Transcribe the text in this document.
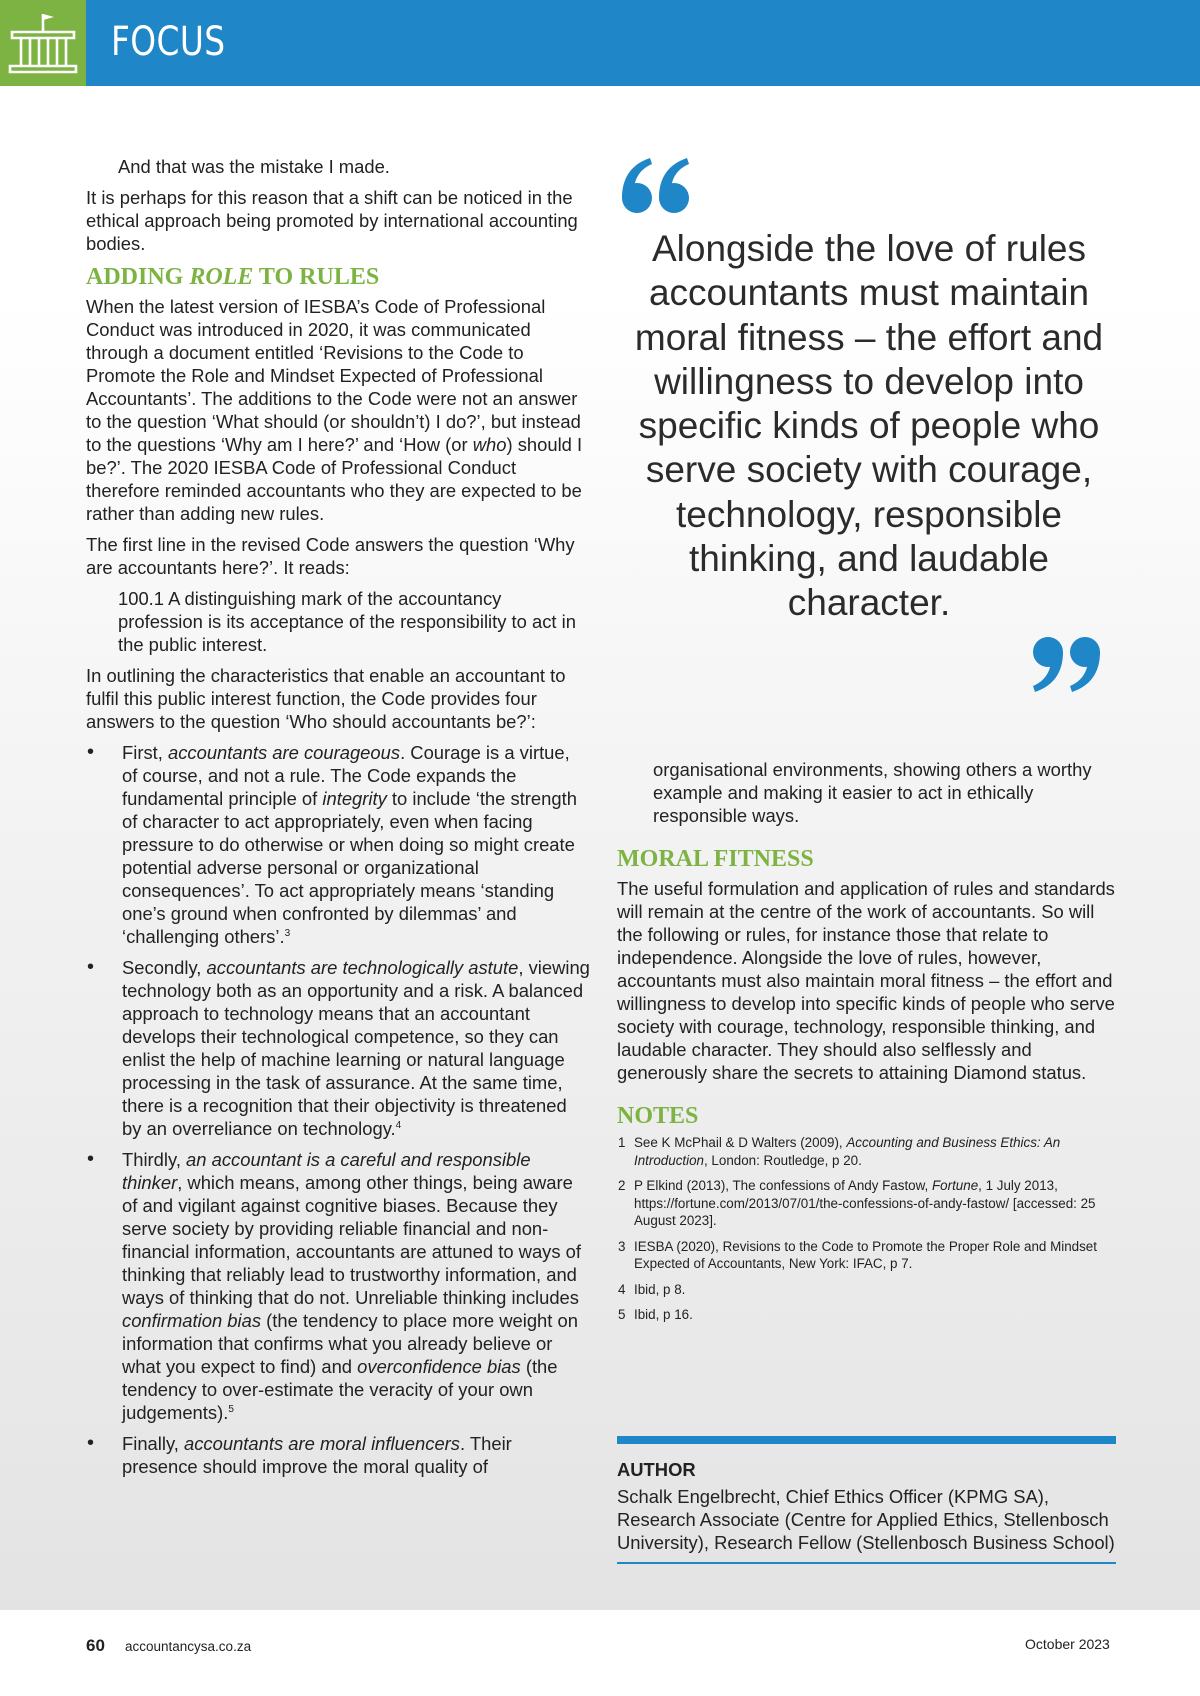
FOCUS

And that was the mistake I made.

It is perhaps for this reason that a shift can be noticed in the ethical approach being promoted by international accounting bodies.

ADDING ROLE TO RULES

When the latest version of IESBA’s Code of Professional Conduct was introduced in 2020, it was communicated through a document entitled ‘Revisions to the Code to Promote the Role and Mindset Expected of Professional Accountants’. The additions to the Code were not an answer to the question ‘What should (or shouldn’t) I do?’, but instead to the questions ‘Why am I here?’ and ‘How (or who) should I be?’. The 2020 IESBA Code of Professional Conduct therefore reminded accountants who they are expected to be rather than adding new rules.

The first line in the revised Code answers the question ‘Why are accountants here?’. It reads:

100.1 A distinguishing mark of the accountancy profession is its acceptance of the responsibility to act in the public interest.

In outlining the characteristics that enable an accountant to fulfil this public interest function, the Code provides four answers to the question ‘Who should accountants be?’:

• First, accountants are courageous. Courage is a virtue, of course, and not a rule. The Code expands the fundamental principle of integrity to include ‘the strength of character to act appropriately, even when facing pressure to do otherwise or when doing so might create potential adverse personal or organizational consequences’. To act appropriately means ‘standing one’s ground when confronted by dilemmas’ and ‘challenging others’.$^3$
• Secondly, accountants are technologically astute, viewing technology both as an opportunity and a risk. A balanced approach to technology means that an accountant develops their technological competence, so they can enlist the help of machine learning or natural language processing in the task of assurance. At the same time, there is a recognition that their objectivity is threatened by an overreliance on technology.$^4$
• Thirdly, an accountant is a careful and responsible thinker, which means, among other things, being aware of and vigilant against cognitive biases. Because they serve society by providing reliable financial and non-financial information, accountants are attuned to ways of thinking that reliably lead to trustworthy information, and ways of thinking that do not. Unreliable thinking includes confirmation bias (the tendency to place more weight on information that confirms what you already believe or what you expect to find) and overconfidence bias (the tendency to over-estimate the veracity of your own judgements).$^5$
• Finally, accountants are moral influencers. Their presence should improve the moral quality of
Alongside the love of rules accountants must maintain moral fitness – the effort and willingness to develop into specific kinds of people who serve society with courage, technology, responsible thinking, and laudable character.

organisational environments, showing others a worthy example and making it easier to act in ethically responsible ways.

MORAL FITNESS

The useful formulation and application of rules and standards will remain at the centre of the work of accountants. So will the following or rules, for instance those that relate to independence. Alongside the love of rules, however, accountants must also maintain moral fitness – the effort and willingness to develop into specific kinds of people who serve society with courage, technology, responsible thinking, and laudable character. They should also selflessly and generously share the secrets to attaining Diamond status.

NOTES
1 See K McPhail & D Walters (2009), Accounting and Business Ethics: An Introduction, London: Routledge, p 20.
2 P Elkind (2013), The confessions of Andy Fastow, Fortune, 1 July 2013, https://fortune.com/2013/07/01/the-confessions-of-andy-fastow/ [accessed: 25 August 2023].
3 IESBA (2020), Revisions to the Code to Promote the Proper Role and Mindset Expected of Accountants, New York: IFAC, p 7.
4 Ibid, p 8.
5 Ibid, p 16.
AUTHOR
Schalk Engelbrecht, Chief Ethics Officer (KPMG SA), Research Associate (Centre for Applied Ethics, Stellenbosch University), Research Fellow (Stellenbosch Business School)
60 accountancysa.co.za	October 2023
